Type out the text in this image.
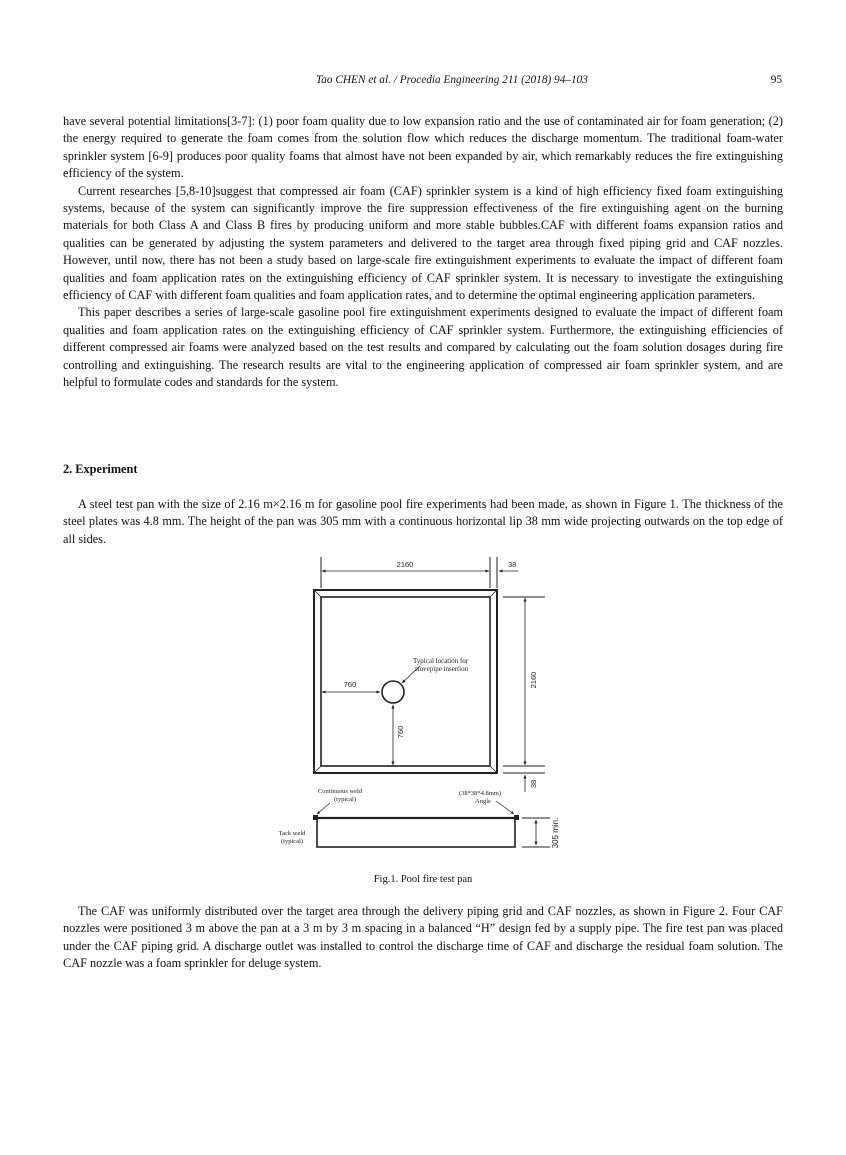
Tao CHEN et al. / Procedia Engineering 211 (2018) 94–103	95

have several potential limitations[3-7]: (1) poor foam quality due to low expansion ratio and the use of contaminated air for foam generation; (2) the energy required to generate the foam comes from the solution flow which reduces the discharge momentum. The traditional foam-water sprinkler system [6-9] produces poor quality foams that almost have not been expanded by air, which remarkably reduces the fire extinguishing efficiency of the system.

Current researches [5,8-10]suggest that compressed air foam (CAF) sprinkler system is a kind of high efficiency fixed foam extinguishing systems, because of the system can significantly improve the fire suppression effectiveness of the fire extinguishing agent on the burning materials for both Class A and Class B fires by producing uniform and more stable bubbles.CAF with different foams expansion ratios and qualities can be generated by adjusting the system parameters and delivered to the target area through fixed piping grid and CAF nozzles. However, until now, there has not been a study based on large-scale fire extinguishment experiments to evaluate the impact of different foam qualities and foam application rates on the extinguishing efficiency of CAF sprinkler system. It is necessary to investigate the extinguishing efficiency of CAF with different foam qualities and foam application rates, and to determine the optimal engineering application parameters.

This paper describes a series of large-scale gasoline pool fire extinguishment experiments designed to evaluate the impact of different foam qualities and foam application rates on the extinguishing efficiency of CAF sprinkler system. Furthermore, the extinguishing efficiencies of different compressed air foams were analyzed based on the test results and compared by calculating out the foam solution dosages during fire controlling and extinguishing. The research results are vital to the engineering application of compressed air foam sprinkler system, and are helpful to formulate codes and standards for the system.

2. Experiment

A steel test pan with the size of 2.16 m×2.16 m for gasoline pool fire experiments had been made, as shown in Figure 1. The thickness of the steel plates was 4.8 mm. The height of the pan was 305 mm with a continuous horizontal lip 38 mm wide projecting outwards on the top edge of all sides.

2160	38
2160
38
760
760
Typical location for
stovepipe insertion
Continuous weld
(typical)
Tack weld
(typical)
(38*38*4.8mm)
Angle
305 min.
Fig.1. Pool fire test pan

The CAF was uniformly distributed over the target area through the delivery piping grid and CAF nozzles, as shown in Figure 2. Four CAF nozzles were positioned 3 m above the pan at a 3 m by 3 m spacing in a balanced “H” design fed by a supply pipe. The fire test pan was placed under the CAF piping grid. A discharge outlet was installed to control the discharge time of CAF and discharge the residual foam solution. The CAF nozzle was a foam sprinkler for deluge system.
